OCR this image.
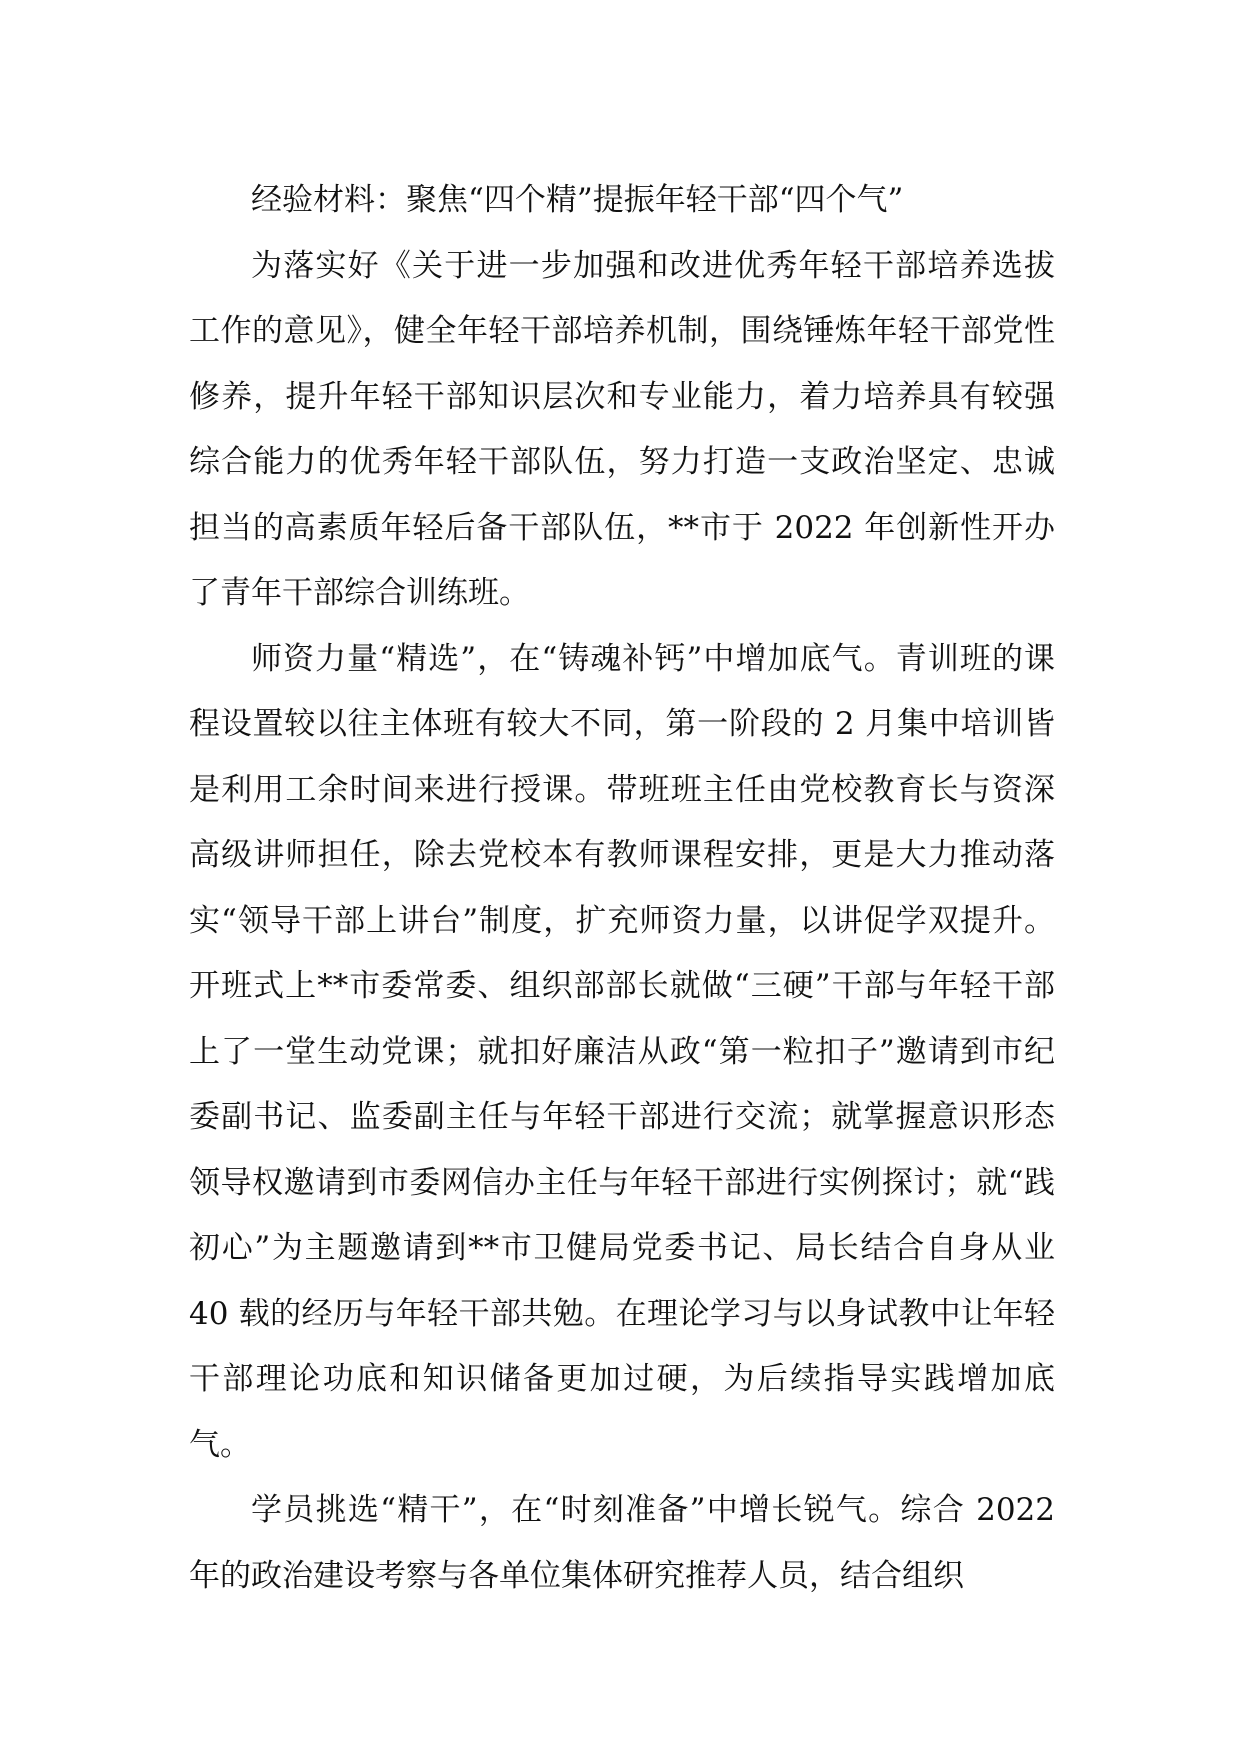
经验材料：聚焦“四个精”提振年轻干部“四个气”

为落实好《关于进一步加强和改进优秀年轻干部培养选拔工作的意见》，健全年轻干部培养机制，围绕锤炼年轻干部党性修养，提升年轻干部知识层次和专业能力，着力培养具有较强综合能力的优秀年轻干部队伍，努力打造一支政治坚定、忠诚担当的高素质年轻后备干部队伍，**市于 2022 年创新性开办了青年干部综合训练班。

师资力量“精选”，在“铸魂补钙”中增加底气。青训班的课程设置较以往主体班有较大不同，第一阶段的 2 月集中培训皆是利用工余时间来进行授课。带班班主任由党校教育长与资深高级讲师担任，除去党校本有教师课程安排，更是大力推动落实“领导干部上讲台”制度，扩充师资力量，以讲促学双提升。开班式上**市委常委、组织部部长就做“三硬”干部与年轻干部上了一堂生动党课；就扣好廉洁从政“第一粒扣子”邀请到市纪委副书记、监委副主任与年轻干部进行交流；就掌握意识形态领导权邀请到市委网信办主任与年轻干部进行实例探讨；就“践初心”为主题邀请到**市卫健局党委书记、局长结合自身从业 40 载的经历与年轻干部共勉。在理论学习与以身试教中让年轻干部理论功底和知识储备更加过硬，为后续指导实践增加底气。

学员挑选“精干”，在“时刻准备”中增长锐气。综合 2022 年的政治建设考察与各单位集体研究推荐人员，结合组织
